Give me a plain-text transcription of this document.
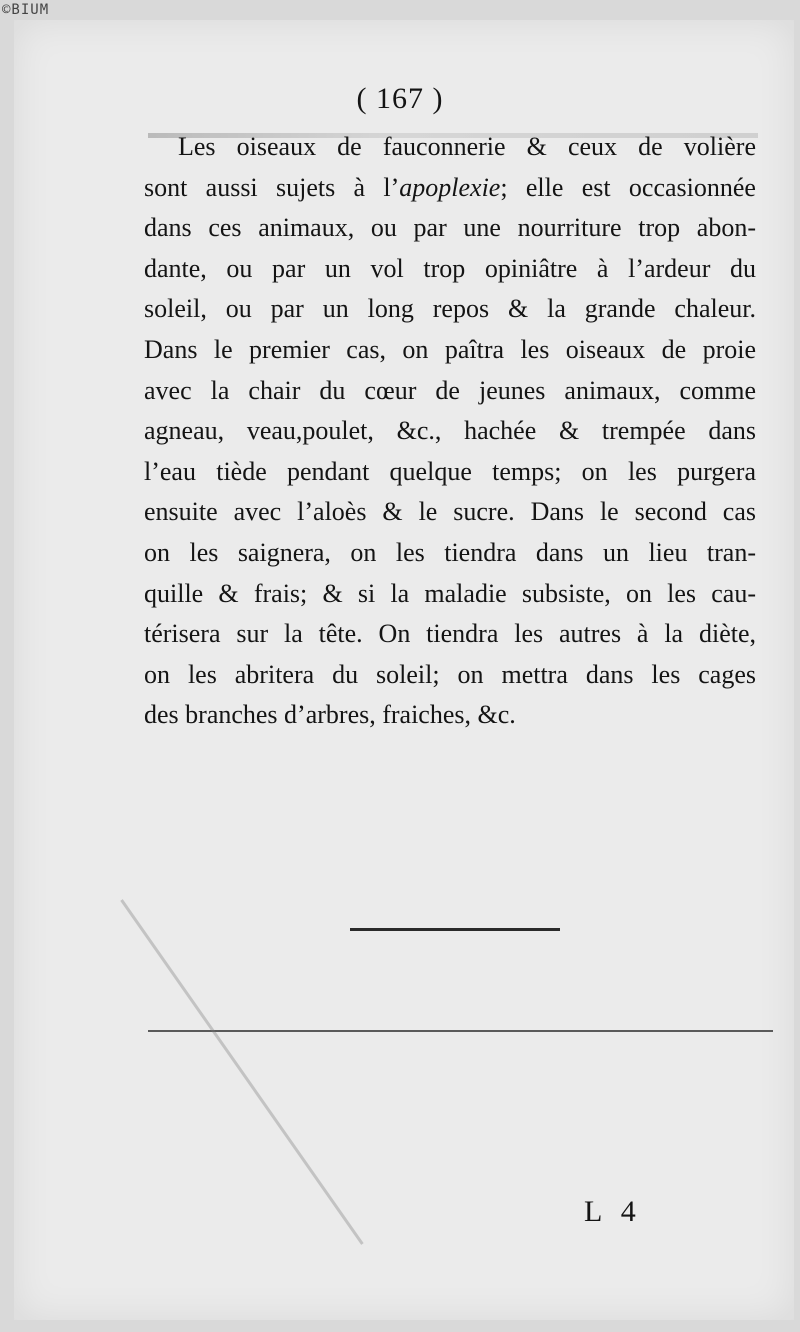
©BIUM
( 167 )
Les oiseaux de fauconnerie & ceux de volière
sont aussi sujets à l’apoplexie; elle est occasionnée
dans ces animaux, ou par une nourriture trop abon-
dante, ou par un vol trop opiniâtre à l’ardeur du
soleil, ou par un long repos & la grande chaleur.
Dans le premier cas, on paîtra les oiseaux de proie
avec la chair du cœur de jeunes animaux, comme
agneau, veau,poulet, &c., hachée & trempée dans
l’eau tiède pendant quelque temps; on les purgera
ensuite avec l’aloès & le sucre. Dans le second cas
on les saignera, on les tiendra dans un lieu tran-
quille & frais; & si la maladie subsiste, on les cau-
térisera sur la tête. On tiendra les autres à la diète,
on les abritera du soleil; on mettra dans les cages
des branches d’arbres, fraiches, &c.
L 4
